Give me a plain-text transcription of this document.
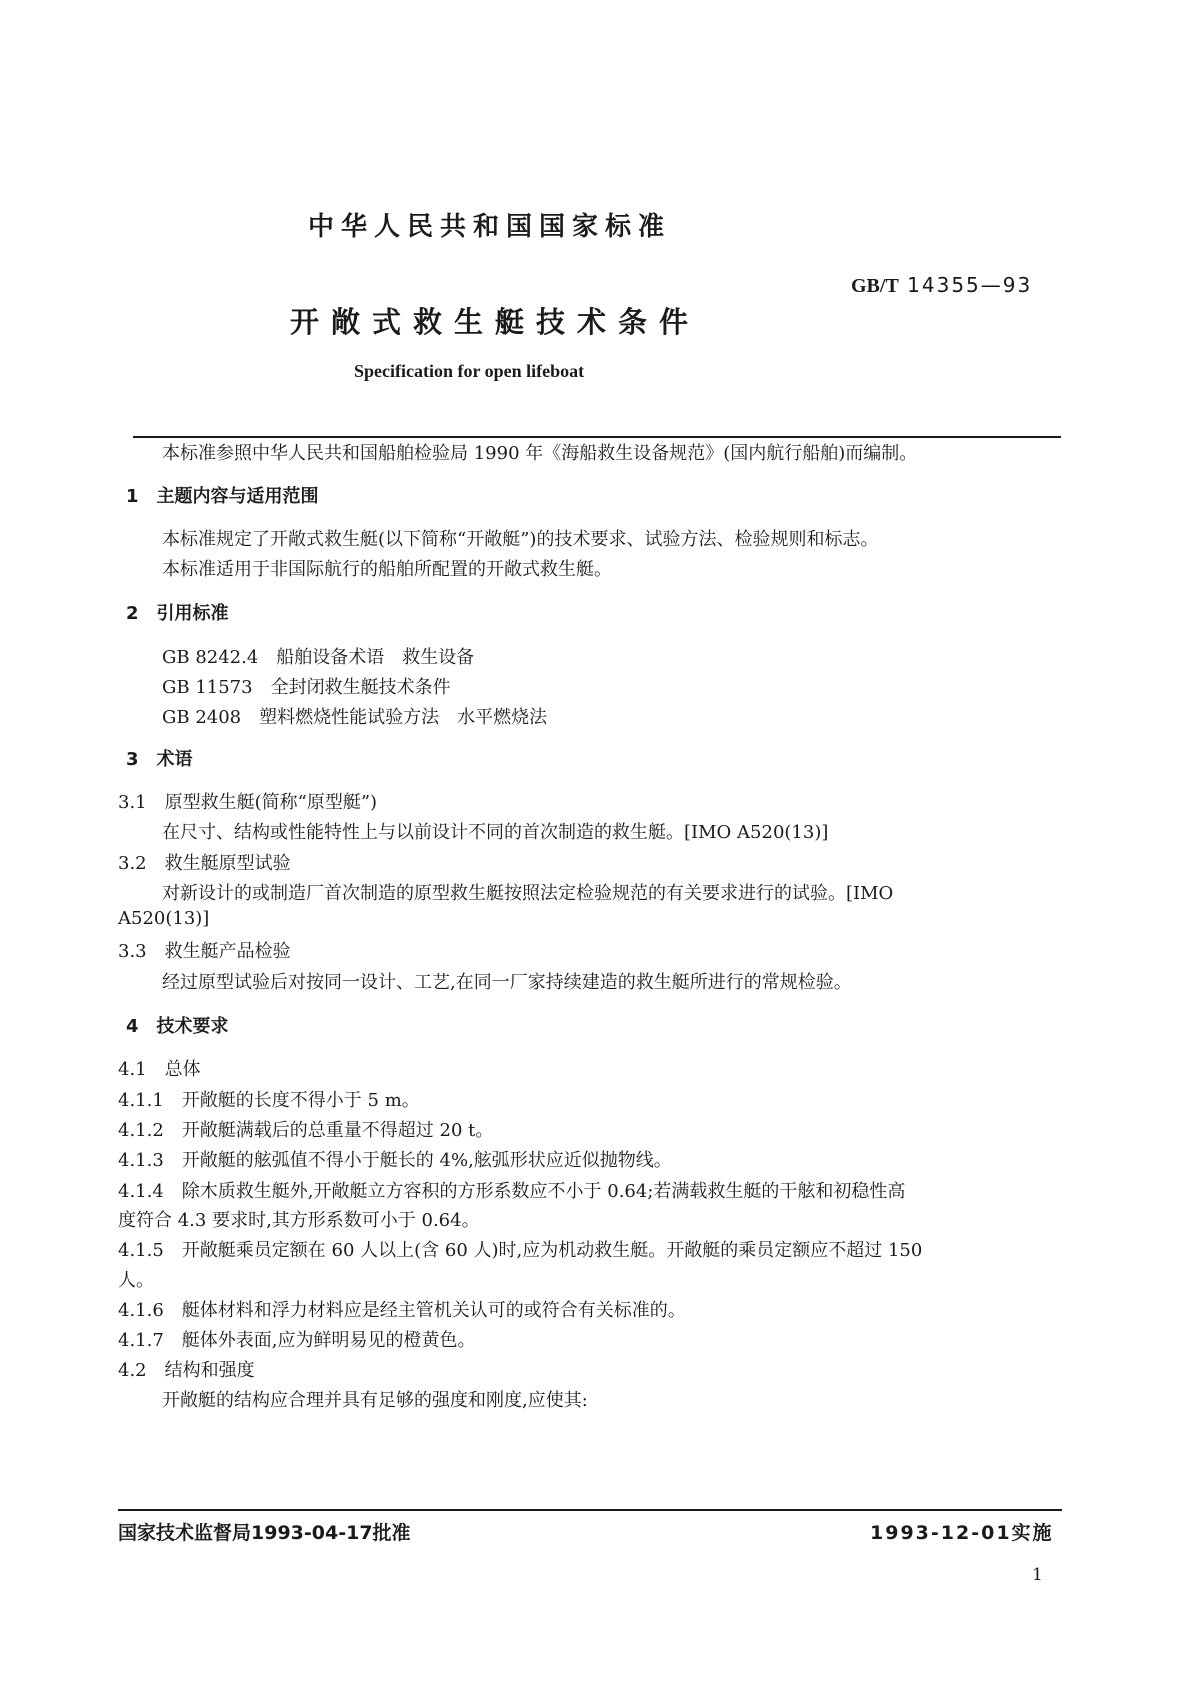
中华人民共和国国家标准
GB/T 14355—93
开敞式救生艇技术条件
Specification for open lifeboat
本标准参照中华人民共和国船舶检验局 1990 年《海船救生设备规范》(国内航行船舶)而编制。
1　主题内容与适用范围
本标准规定了开敞式救生艇(以下简称“开敞艇”)的技术要求、试验方法、检验规则和标志。
本标准适用于非国际航行的船舶所配置的开敞式救生艇。
2　引用标准
GB 8242.4　船舶设备术语　救生设备
GB 11573　全封闭救生艇技术条件
GB 2408　塑料燃烧性能试验方法　水平燃烧法
3　术语
3.1　原型救生艇(简称“原型艇”)
在尺寸、结构或性能特性上与以前设计不同的首次制造的救生艇。[IMO A520(13)]
3.2　救生艇原型试验
对新设计的或制造厂首次制造的原型救生艇按照法定检验规范的有关要求进行的试验。[IMO
A520(13)]
3.3　救生艇产品检验
经过原型试验后对按同一设计、工艺,在同一厂家持续建造的救生艇所进行的常规检验。
4　技术要求
4.1　总体
4.1.1　开敞艇的长度不得小于 5 m。
4.1.2　开敞艇满载后的总重量不得超过 20 t。
4.1.3　开敞艇的舷弧值不得小于艇长的 4%,舷弧形状应近似抛物线。
4.1.4　除木质救生艇外,开敞艇立方容积的方形系数应不小于 0.64;若满载救生艇的干舷和初稳性高
度符合 4.3 要求时,其方形系数可小于 0.64。
4.1.5　开敞艇乘员定额在 60 人以上(含 60 人)时,应为机动救生艇。开敞艇的乘员定额应不超过 150
人。
4.1.6　艇体材料和浮力材料应是经主管机关认可的或符合有关标准的。
4.1.7　艇体外表面,应为鲜明易见的橙黄色。
4.2　结构和强度
开敞艇的结构应合理并具有足够的强度和刚度,应使其:
国家技术监督局1993-04-17批准	1993-12-01实施
1
